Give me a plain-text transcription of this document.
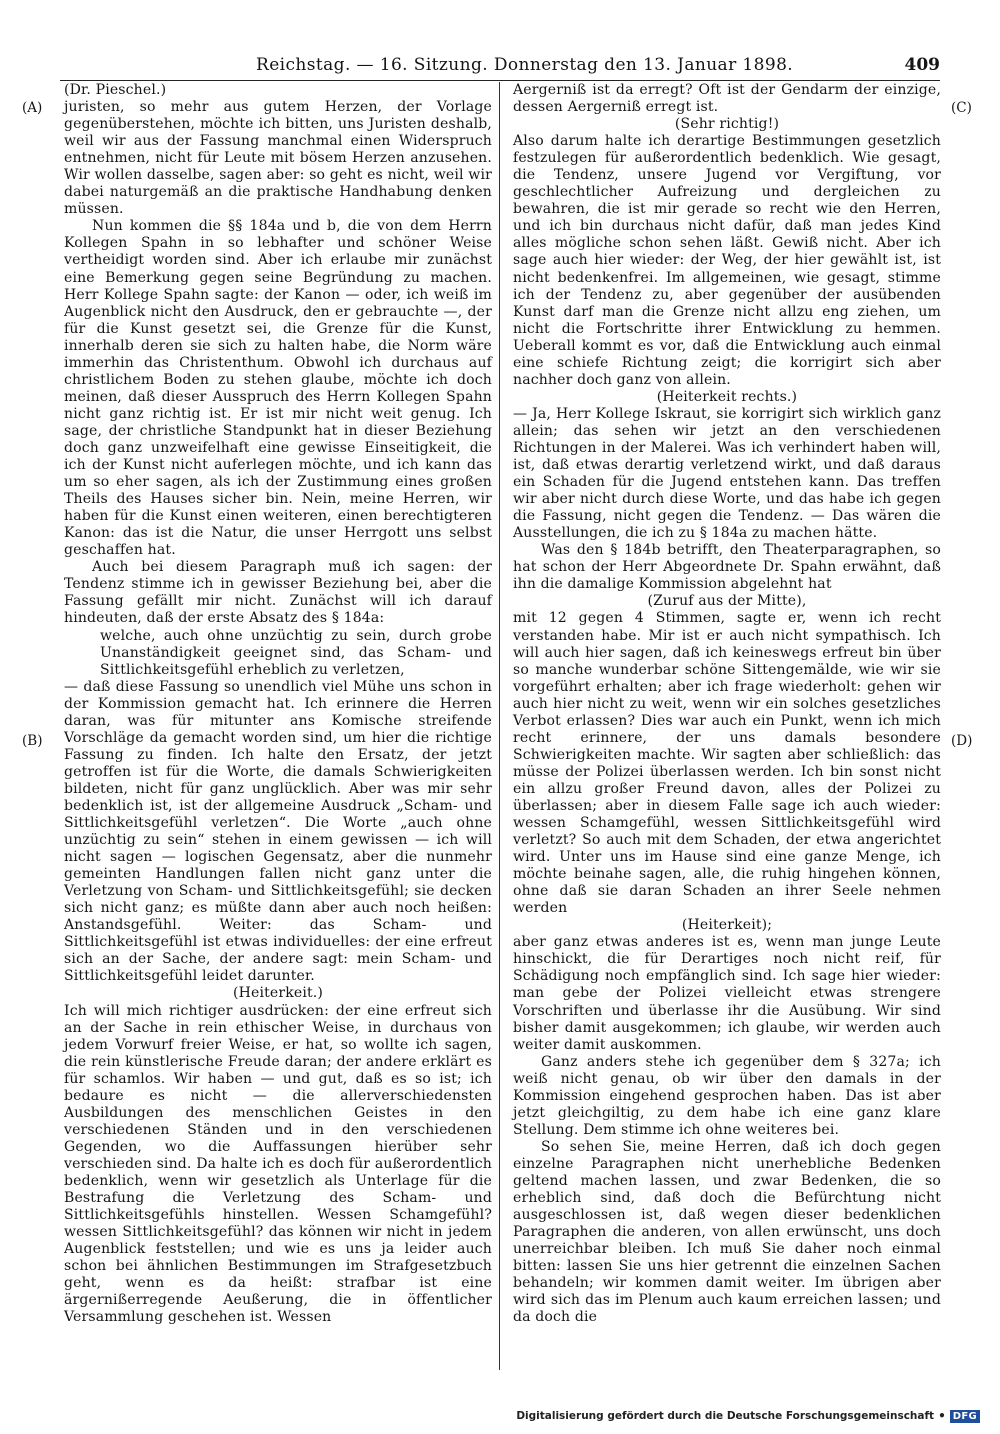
Reichstag. — 16. Sitzung. Donnerstag den 13. Januar 1898.	409
(A)
(B)
(C)
(D)

(Dr. Pieschel.)

juristen, so mehr aus gutem Herzen, der Vorlage gegenüberstehen, möchte ich bitten, uns Juristen deshalb, weil wir aus der Fassung manchmal einen Widerspruch entnehmen, nicht für Leute mit bösem Herzen anzusehen. Wir wollen dasselbe, sagen aber: so geht es nicht, weil wir dabei naturgemäß an die praktische Handhabung denken müssen.

Nun kommen die §§ 184a und b, die von dem Herrn Kollegen Spahn in so lebhafter und schöner Weise vertheidigt worden sind. Aber ich erlaube mir zunächst eine Bemerkung gegen seine Begründung zu machen. Herr Kollege Spahn sagte: der Kanon — oder, ich weiß im Augenblick nicht den Ausdruck, den er gebrauchte —, der für die Kunst gesetzt sei, die Grenze für die Kunst, innerhalb deren sie sich zu halten habe, die Norm wäre immerhin das Christenthum. Obwohl ich durchaus auf christlichem Boden zu stehen glaube, möchte ich doch meinen, daß dieser Ausspruch des Herrn Kollegen Spahn nicht ganz richtig ist. Er ist mir nicht weit genug. Ich sage, der christliche Standpunkt hat in dieser Beziehung doch ganz unzweifelhaft eine gewisse Einseitigkeit, die ich der Kunst nicht auferlegen möchte, und ich kann das um so eher sagen, als ich der Zustimmung eines großen Theils des Hauses sicher bin. Nein, meine Herren, wir haben für die Kunst einen weiteren, einen berechtigteren Kanon: das ist die Natur, die unser Herrgott uns selbst geschaffen hat.

Auch bei diesem Paragraph muß ich sagen: der Tendenz stimme ich in gewisser Beziehung bei, aber die Fassung gefällt mir nicht. Zunächst will ich darauf hindeuten, daß der erste Absatz des § 184a:

welche, auch ohne unzüchtig zu sein, durch grobe Unanständigkeit geeignet sind, das Scham- und Sittlichkeitsgefühl erheblich zu verletzen,

— daß diese Fassung so unendlich viel Mühe uns schon in der Kommission gemacht hat. Ich erinnere die Herren daran, was für mitunter ans Komische streifende Vorschläge da gemacht worden sind, um hier die richtige Fassung zu finden. Ich halte den Ersatz, der jetzt getroffen ist für die Worte, die damals Schwierigkeiten bildeten, nicht für ganz unglücklich. Aber was mir sehr bedenklich ist, ist der allgemeine Ausdruck „Scham- und Sittlichkeitsgefühl verletzen“. Die Worte „auch ohne unzüchtig zu sein“ stehen in einem gewissen — ich will nicht sagen — logischen Gegensatz, aber die nunmehr gemeinten Handlungen fallen nicht ganz unter die Verletzung von Scham- und Sittlichkeitsgefühl; sie decken sich nicht ganz; es müßte dann aber auch noch heißen: Anstandsgefühl. Weiter: das Scham- und Sittlichkeitsgefühl ist etwas individuelles: der eine erfreut sich an der Sache, der andere sagt: mein Scham- und Sittlichkeitsgefühl leidet darunter.

(Heiterkeit.)

Ich will mich richtiger ausdrücken: der eine erfreut sich an der Sache in rein ethischer Weise, in durchaus von jedem Vorwurf freier Weise, er hat, so wollte ich sagen, die rein künstlerische Freude daran; der andere erklärt es für schamlos. Wir haben — und gut, daß es so ist; ich bedaure es nicht — die allerverschiedensten Ausbildungen des menschlichen Geistes in den verschiedenen Ständen und in den verschiedenen Gegenden, wo die Auffassungen hierüber sehr verschieden sind. Da halte ich es doch für außerordentlich bedenklich, wenn wir gesetzlich als Unterlage für die Bestrafung die Verletzung des Scham- und Sittlichkeitsgefühls hinstellen. Wessen Schamgefühl? wessen Sittlichkeitsgefühl? das können wir nicht in jedem Augenblick feststellen; und wie es uns ja leider auch schon bei ähnlichen Bestimmungen im Strafgesetzbuch geht, wenn es da heißt: strafbar ist eine ärgernißerregende Aeußerung, die in öffentlicher Versammlung geschehen ist. Wessen

Aergerniß ist da erregt? Oft ist der Gendarm der einzige, dessen Aergerniß erregt ist.

(Sehr richtig!)

Also darum halte ich derartige Bestimmungen gesetzlich festzulegen für außerordentlich bedenklich. Wie gesagt, die Tendenz, unsere Jugend vor Vergiftung, vor geschlechtlicher Aufreizung und dergleichen zu bewahren, die ist mir gerade so recht wie den Herren, und ich bin durchaus nicht dafür, daß man jedes Kind alles mögliche schon sehen läßt. Gewiß nicht. Aber ich sage auch hier wieder: der Weg, der hier gewählt ist, ist nicht bedenkenfrei. Im allgemeinen, wie gesagt, stimme ich der Tendenz zu, aber gegenüber der ausübenden Kunst darf man die Grenze nicht allzu eng ziehen, um nicht die Fortschritte ihrer Entwicklung zu hemmen. Ueberall kommt es vor, daß die Entwicklung auch einmal eine schiefe Richtung zeigt; die korrigirt sich aber nachher doch ganz von allein.

(Heiterkeit rechts.)

— Ja, Herr Kollege Iskraut, sie korrigirt sich wirklich ganz allein; das sehen wir jetzt an den verschiedenen Richtungen in der Malerei. Was ich verhindert haben will, ist, daß etwas derartig verletzend wirkt, und daß daraus ein Schaden für die Jugend entstehen kann. Das treffen wir aber nicht durch diese Worte, und das habe ich gegen die Fassung, nicht gegen die Tendenz. — Das wären die Ausstellungen, die ich zu § 184a zu machen hätte.

Was den § 184b betrifft, den Theaterparagraphen, so hat schon der Herr Abgeordnete Dr. Spahn erwähnt, daß ihn die damalige Kommission abgelehnt hat

(Zuruf aus der Mitte),

mit 12 gegen 4 Stimmen, sagte er, wenn ich recht verstanden habe. Mir ist er auch nicht sympathisch. Ich will auch hier sagen, daß ich keineswegs erfreut bin über so manche wunderbar schöne Sittengemälde, wie wir sie vorgeführt erhalten; aber ich frage wiederholt: gehen wir auch hier nicht zu weit, wenn wir ein solches gesetzliches Verbot erlassen? Dies war auch ein Punkt, wenn ich mich recht erinnere, der uns damals besondere Schwierigkeiten machte. Wir sagten aber schließlich: das müsse der Polizei überlassen werden. Ich bin sonst nicht ein allzu großer Freund davon, alles der Polizei zu überlassen; aber in diesem Falle sage ich auch wieder: wessen Schamgefühl, wessen Sittlichkeitsgefühl wird verletzt? So auch mit dem Schaden, der etwa angerichtet wird. Unter uns im Hause sind eine ganze Menge, ich möchte beinahe sagen, alle, die ruhig hingehen können, ohne daß sie daran Schaden an ihrer Seele nehmen werden

(Heiterkeit);

aber ganz etwas anderes ist es, wenn man junge Leute hinschickt, die für Derartiges noch nicht reif, für Schädigung noch empfänglich sind. Ich sage hier wieder: man gebe der Polizei vielleicht etwas strengere Vorschriften und überlasse ihr die Ausübung. Wir sind bisher damit ausgekommen; ich glaube, wir werden auch weiter damit auskommen.

Ganz anders stehe ich gegenüber dem § 327a; ich weiß nicht genau, ob wir über den damals in der Kommission eingehend gesprochen haben. Das ist aber jetzt gleichgiltig, zu dem habe ich eine ganz klare Stellung. Dem stimme ich ohne weiteres bei.

So sehen Sie, meine Herren, daß ich doch gegen einzelne Paragraphen nicht unerhebliche Bedenken geltend machen lassen, und zwar Bedenken, die so erheblich sind, daß doch die Befürchtung nicht ausgeschlossen ist, daß wegen dieser bedenklichen Paragraphen die anderen, von allen erwünscht, uns doch unerreichbar bleiben. Ich muß Sie daher noch einmal bitten: lassen Sie uns hier getrennt die einzelnen Sachen behandeln; wir kommen damit weiter. Im übrigen aber wird sich das im Plenum auch kaum erreichen lassen; und da doch die

Digitalisierung gefördert durch die Deutsche Forschungsgemeinschaft • DFG
